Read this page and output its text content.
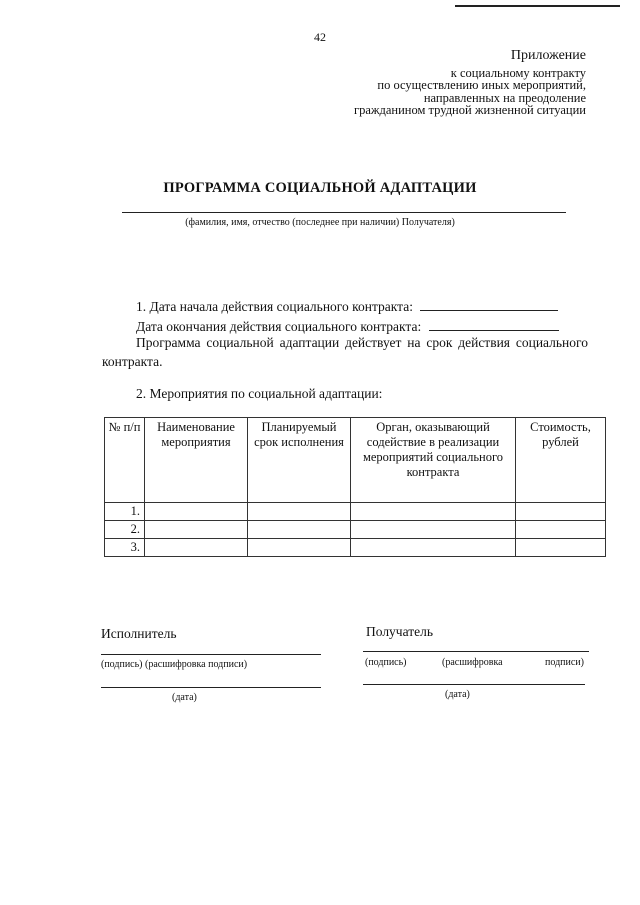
42
Приложение
к социальному контракту
по осуществлению иных мероприятий,
направленных на преодоление
гражданином трудной жизненной ситуации
ПРОГРАММА СОЦИАЛЬНОЙ АДАПТАЦИИ
(фамилия, имя, отчество (последнее при наличии) Получателя)
1. Дата начала действия социального контракта:
Дата окончания действия социального контракта:
Программа социальной адаптации действует на срок действия социального контракта.
2. Мероприятия по социальной адаптации:
№ п/п	Наименование мероприятия	Планируемый срок исполнения	Орган, оказывающий содействие в реализации мероприятий социального контракта	Стоимость, рублей
1.				
2.				
3.				
Исполнитель
(подпись) (расшифровка подписи)
(дата)
Получатель
(подпись)	(расшифровка	подписи)
(дата)
